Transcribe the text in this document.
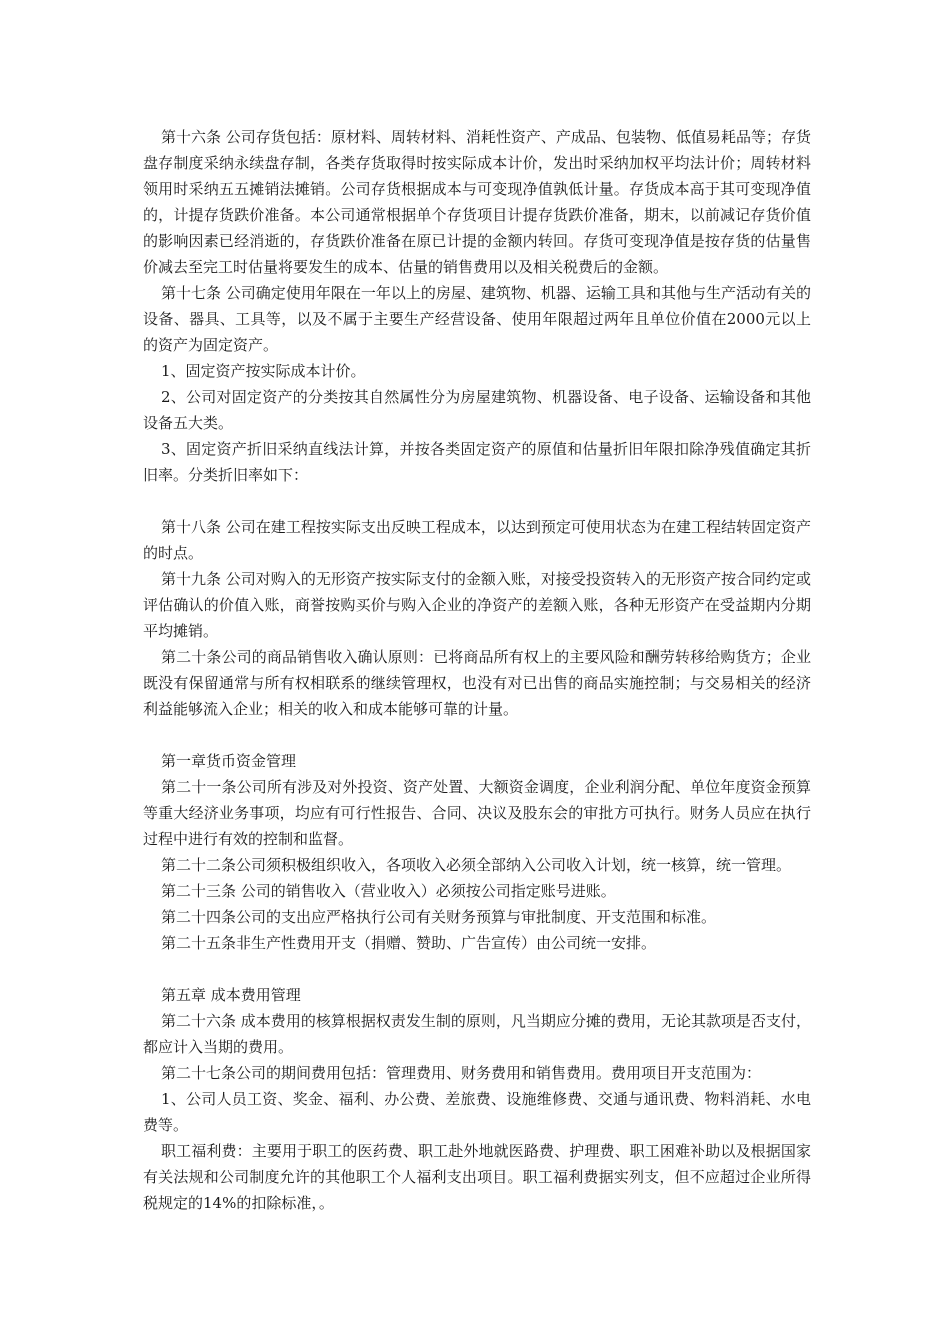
第十六条 公司存货包括：原材料、周转材料、消耗性资产、产成品、包装物、低值易耗品等；存货盘存制度采纳永续盘存制，各类存货取得时按实际成本计价，发出时采纳加权平均法计价；周转材料领用时采纳五五摊销法摊销。公司存货根据成本与可变现净值孰低计量。存货成本高于其可变现净值的，计提存货跌价准备。本公司通常根据单个存货项目计提存货跌价准备，期末，以前减记存货价值的影响因素已经消逝的，存货跌价准备在原已计提的金额内转回。存货可变现净值是按存货的估量售价减去至完工时估量将要发生的成本、估量的销售费用以及相关税费后的金额。

第十七条 公司确定使用年限在一年以上的房屋、建筑物、机器、运输工具和其他与生产活动有关的设备、器具、工具等，以及不属于主要生产经营设备、使用年限超过两年且单位价值在2000元以上的资产为固定资产。

1、固定资产按实际成本计价。

2、公司对固定资产的分类按其自然属性分为房屋建筑物、机器设备、电子设备、运输设备和其他设备五大类。

3、固定资产折旧采纳直线法计算，并按各类固定资产的原值和估量折旧年限扣除净残值确定其折旧率。分类折旧率如下：

第十八条 公司在建工程按实际支出反映工程成本，以达到预定可使用状态为在建工程结转固定资产的时点。

第十九条 公司对购入的无形资产按实际支付的金额入账，对接受投资转入的无形资产按合同约定或评估确认的价值入账，商誉按购买价与购入企业的净资产的差额入账，各种无形资产在受益期内分期平均摊销。

第二十条公司的商品销售收入确认原则：已将商品所有权上的主要风险和酬劳转移给购货方；企业既没有保留通常与所有权相联系的继续管理权，也没有对已出售的商品实施控制；与交易相关的经济利益能够流入企业；相关的收入和成本能够可靠的计量。

第一章货币资金管理

第二十一条公司所有涉及对外投资、资产处置、大额资金调度，企业利润分配、单位年度资金预算等重大经济业务事项，均应有可行性报告、合同、决议及股东会的审批方可执行。财务人员应在执行过程中进行有效的控制和监督。

第二十二条公司须积极组织收入，各项收入必须全部纳入公司收入计划，统一核算，统一管理。

第二十三条 公司的销售收入（营业收入）必须按公司指定账号进账。

第二十四条公司的支出应严格执行公司有关财务预算与审批制度、开支范围和标准。

第二十五条非生产性费用开支（捐赠、赞助、广告宣传）由公司统一安排。

第五章 成本费用管理

第二十六条 成本费用的核算根据权责发生制的原则，凡当期应分摊的费用，无论其款项是否支付，都应计入当期的费用。

第二十七条公司的期间费用包括：管理费用、财务费用和销售费用。费用项目开支范围为：

1、公司人员工资、奖金、福利、办公费、差旅费、设施维修费、交通与通讯费、物料消耗、水电费等。

职工福利费：主要用于职工的医药费、职工赴外地就医路费、护理费、职工困难补助以及根据国家有关法规和公司制度允许的其他职工个人福利支出项目。职工福利费据实列支，但不应超过企业所得税规定的14%的扣除标准，。
